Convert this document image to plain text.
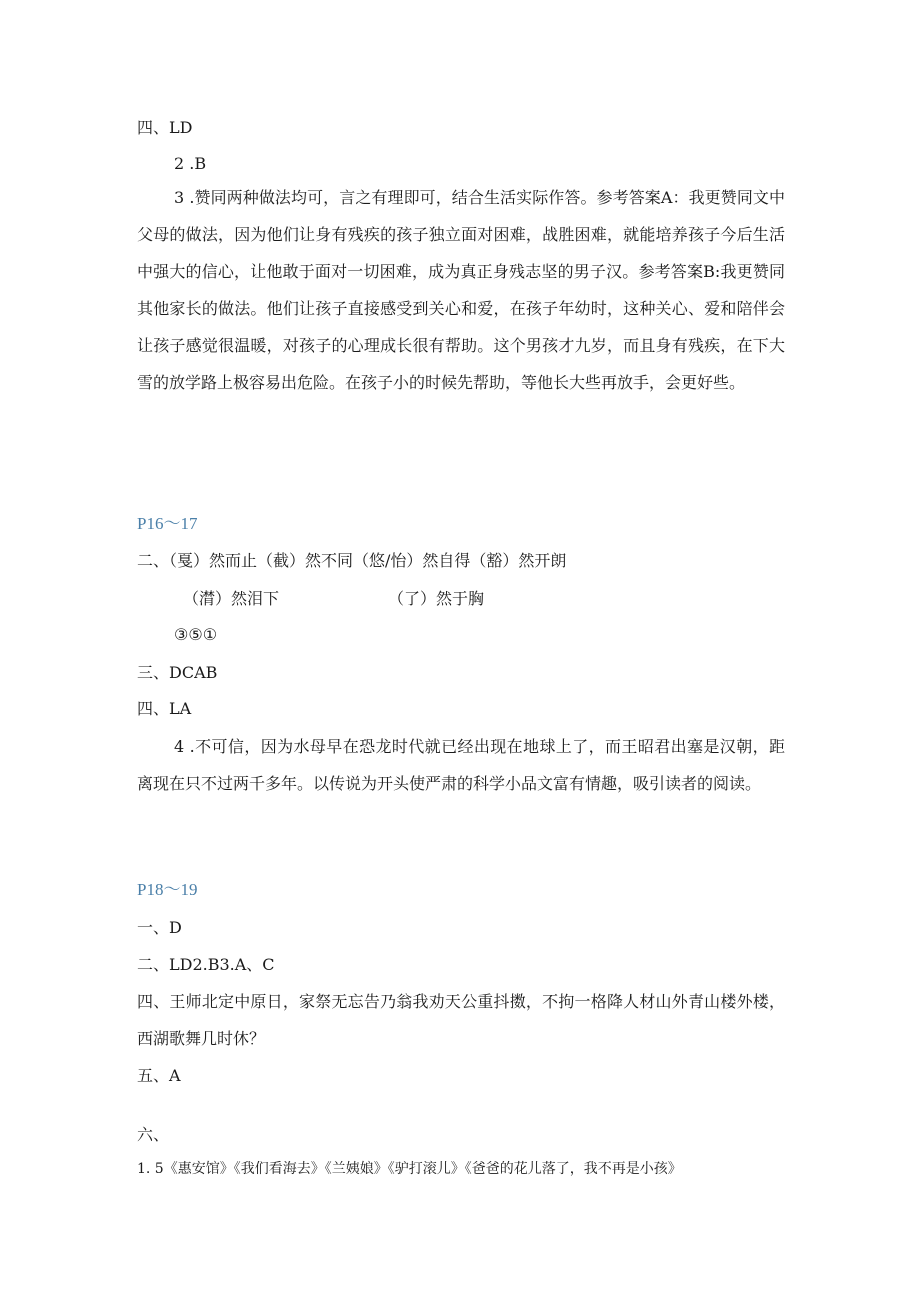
四、LD
2 .B
3 .赞同两种做法均可，言之有理即可，结合生活实际作答。参考答案A：我更赞同文中父母的做法，因为他们让身有残疾的孩子独立面对困难，战胜困难，就能培养孩子今后生活中强大的信心，让他敢于面对一切困难，成为真正身残志坚的男子汉。参考答案B:我更赞同其他家长的做法。他们让孩子直接感受到关心和爱，在孩子年幼时，这种关心、爱和陪伴会让孩子感觉很温暖，对孩子的心理成长很有帮助。这个男孩才九岁，而且身有残疾，在下大雪的放学路上极容易出危险。在孩子小的时候先帮助，等他长大些再放手，会更好些。
P16～17
二、（戛）然而止（截）然不同（悠/怡）然自得（豁）然开朗
（潸）然泪下	（了）然于胸
③⑤①
三、DCAB
四、LA
4 .不可信，因为水母早在恐龙时代就已经出现在地球上了，而王昭君出塞是汉朝，距离现在只不过两千多年。以传说为开头使严肃的科学小品文富有情趣，吸引读者的阅读。
P18～19
一、D
二、LD2.B3.A、C
四、王师北定中原日，家祭无忘告乃翁我劝天公重抖擞，不拘一格降人材山外青山楼外楼，西湖歌舞几时休？
五、A
六、
1. 5《惠安馆》《我们看海去》《兰姨娘》《驴打滚儿》《爸爸的花儿落了，我不再是小孩》
